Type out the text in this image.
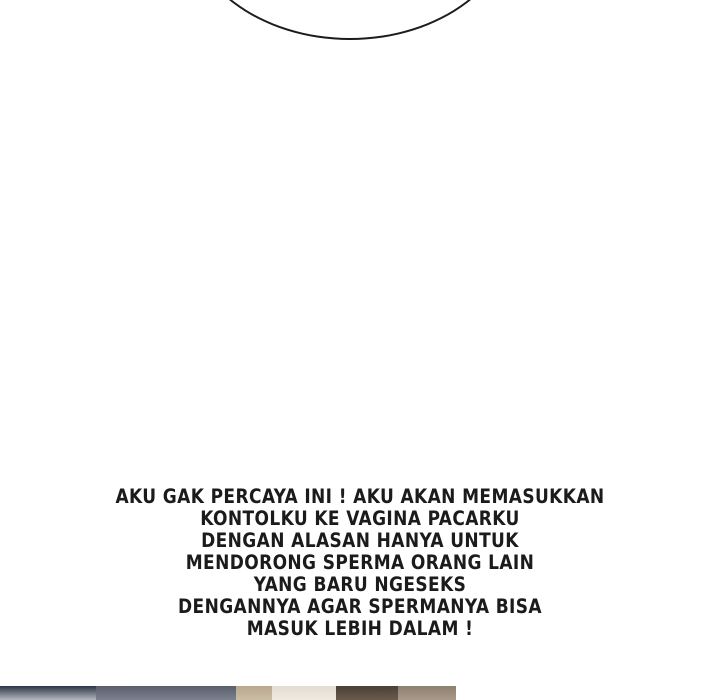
AKU GAK PERCAYA INI ! AKU AKAN MEMASUKKAN
KONTOLKU KE VAGINA PACARKU
DENGAN ALASAN HANYA UNTUK
MENDORONG SPERMA ORANG LAIN
YANG BARU NGESEKS
DENGANNYA AGAR SPERMANYA BISA
MASUK LEBIH DALAM !
